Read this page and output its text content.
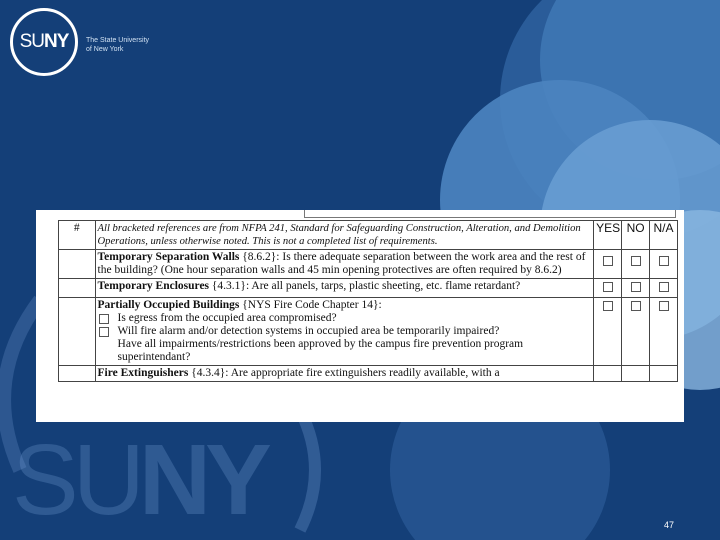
SUNY	The State University
of New York
SUNY
#	All bracketed references are from NFPA 241, Standard for Safeguarding Construction, Alteration, and Demolition Operations, unless otherwise noted. This is not a completed list of requirements.	YES	NO	N/A
	Temporary Separation Walls {8.6.2}: Is there adequate separation between the work area and the rest of the building? (One hour separation walls and 45 min opening protectives are often required by 8.6.2)			
	Temporary Enclosures {4.3.1}: Are all panels, tarps, plastic sheeting, etc. flame retardant?			
	Partially Occupied Buildings {NYS Fire Code Chapter 14}:
Is egress from the occupied area compromised?
Will fire alarm and/or detection systems in occupied area be temporarily impaired?
Have all impairments/restrictions been approved by the campus fire prevention program superintendant?			

	Fire Extinguishers {4.3.4}: Are appropriate fire extinguishers readily available, with a			
47
